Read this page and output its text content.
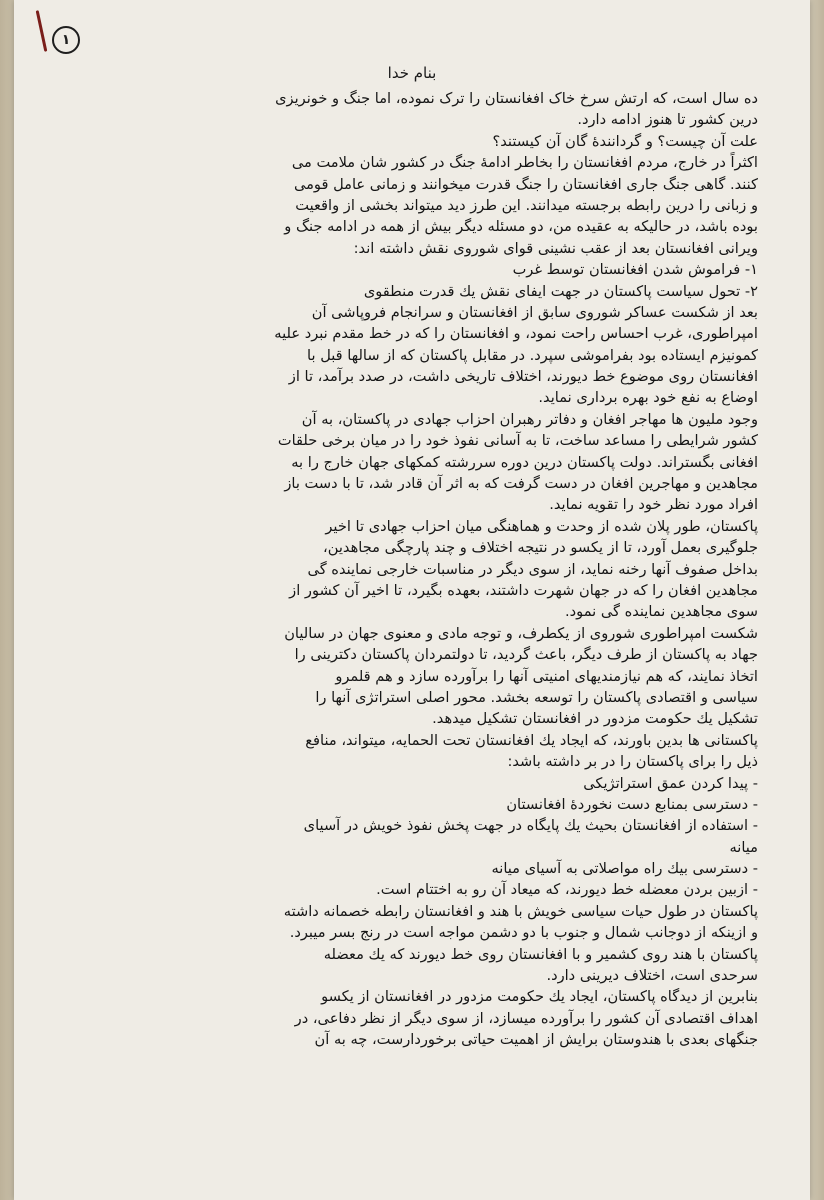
۱
بنام خدا
ده سال است، که ارتش سرخ خاک افغانستان را ترک نموده، اما جنگ و خونریزی
درین کشور تا هنوز ادامه دارد.
علت آن چیست؟ و گردانندهٔ گان آن کیستند؟
اکثراً در خارج، مردم افغانستان را بخاطر ادامهٔ جنگ در کشور شان ملامت می
کنند. گاهی جنگ جاری افغانستان را جنگ قدرت میخوانند و زمانی عامل قومی
و زبانی را درین رابطه برجسته میدانند. این طرز دید میتواند بخشی از واقعیت
بوده باشد، در حالیکه به عقیده من، دو مسئله دیگر بیش از همه در ادامه جنگ و
ویرانی افغانستان بعد از عقب نشینی قوای شوروی نقش داشته اند:
۱- فراموش شدن افغانستان توسط غرب
۲- تحول سیاست پاکستان در جهت ایفای نقش یك قدرت منطقوی
بعد از شکست عساکر شوروی سابق از افغانستان و سرانجام فروپاشی آن
امپراطوری، غرب احساس راحت نمود، و افغانستان را که در خط مقدم نبرد علیه
کمونیزم ایستاده بود بفراموشی سپرد. در مقابل پاکستان که از سالها قبل با
افغانستان روی موضوع خط دیورند، اختلاف تاریخی داشت، در صدد برآمد، تا از
اوضاع به نفع خود بهره برداری نماید.
وجود ملیون ها مهاجر افغان و دفاتر رهبران احزاب جهادی در پاکستان، به آن
کشور شرایطی را مساعد ساخت، تا به آسانی نفوذ خود را در میان برخی حلقات
افغانی بگستراند. دولت پاکستان درین دوره سررشته کمکهای جهان خارج را به
مجاهدین و مهاجرین افغان در دست گرفت که به اثر آن قادر شد، تا با دست باز
افراد مورد نظر خود را تقویه نماید.
پاکستان، طور پلان شده از وحدت و هماهنگی میان احزاب جهادی تا اخیر
جلوگیری بعمل آورد، تا از یکسو در نتیجه اختلاف و چند پارچگی مجاهدین،
بداخل صفوف آنها رخنه نماید، از سوی دیگر در مناسبات خارجی نماینده گی
مجاهدین افغان را که در جهان شهرت داشتند، بعهده بگیرد، تا اخیر آن کشور از
سوی مجاهدین نماینده گی نمود.
شکست امپراطوری شوروی از یکطرف، و توجه مادی و معنوی جهان در سالیان
جهاد به پاکستان از طرف دیگر، باعث گردید، تا دولتمردان پاکستان دکترینی را
اتخاذ نمایند، که هم نیازمندیهای امنیتی آنها را برآورده سازد و هم قلمرو
سیاسی و اقتصادی پاکستان را توسعه بخشد. محور اصلی استراتژی آنها را
تشکیل یك حکومت مزدور در افغانستان تشکیل میدهد.
پاکستانی ها بدین باورند، که ایجاد یك افغانستان تحت الحمایه، میتواند، منافع
ذیل را برای پاکستان را در بر داشته باشد:
- پیدا کردن عمق استراتژیکی
- دسترسی بمنابع دست نخوردهٔ افغانستان
- استفاده از افغانستان بحیث یك پایگاه در جهت پخش نفوذ خویش در آسیای
میانه
- دسترسی بیك راه مواصلاتی به آسیای میانه
- ازبین بردن معضله خط دیورند، که میعاد آن رو به اختتام است.
پاکستان در طول حیات سیاسی خویش با هند و افغانستان رابطه خصمانه داشته
و ازینکه از دوجانب شمال و جنوب با دو دشمن مواجه است در رنج بسر میبرد.
پاکستان با هند روی کشمیر و با افغانستان روی خط دیورند که یك معضله
سرحدی است، اختلاف دیرینی دارد.
بنابرین از دیدگاه پاکستان، ایجاد یك حکومت مزدور در افغانستان از یکسو
اهداف اقتصادی آن کشور را برآورده میسازد، از سوی دیگر از نظر دفاعی، در
جنگهای بعدی با هندوستان برایش از اهمیت حیاتی برخوردارست، چه به آن
